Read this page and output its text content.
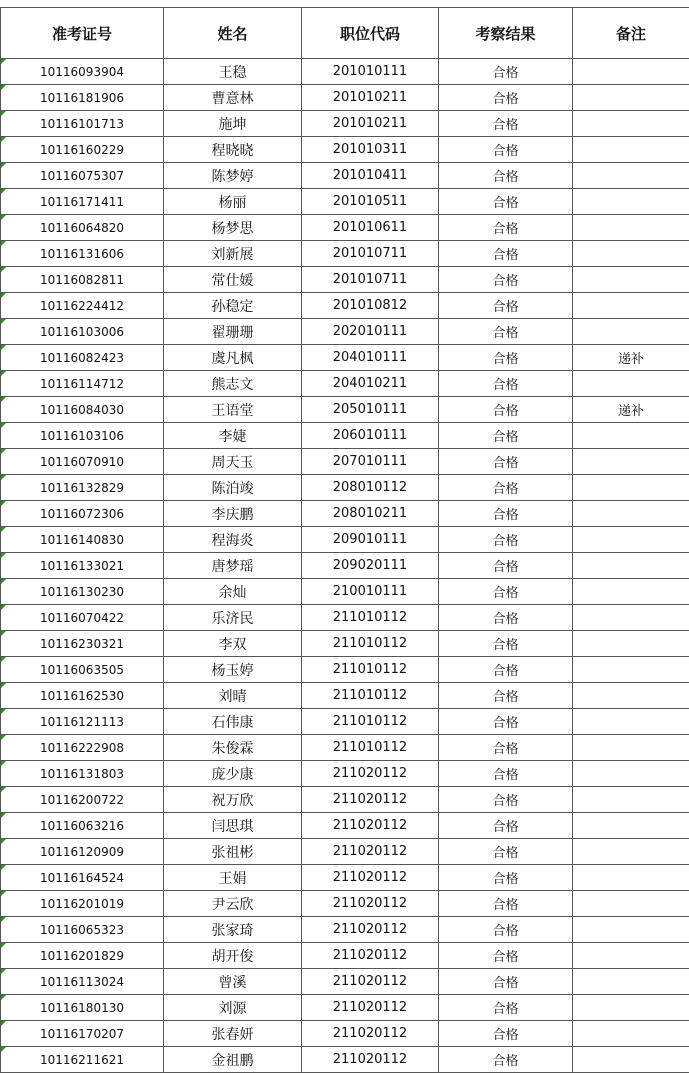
准考证号	姓名	职位代码	考察结果	备注
10116093904	王稳	201010111	合格	
10116181906	曹意林	201010211	合格	
10116101713	施坤	201010211	合格	
10116160229	程晓晓	201010311	合格	
10116075307	陈梦婷	201010411	合格	
10116171411	杨丽	201010511	合格	
10116064820	杨梦思	201010611	合格	
10116131606	刘新展	201010711	合格	
10116082811	常仕媛	201010711	合格	
10116224412	孙稳定	201010812	合格	
10116103006	翟珊珊	202010111	合格	
10116082423	虞凡枫	204010111	合格	递补
10116114712	熊志文	204010211	合格	
10116084030	王语堂	205010111	合格	递补
10116103106	李婕	206010111	合格	
10116070910	周天玉	207010111	合格	
10116132829	陈泊竣	208010112	合格	
10116072306	李庆鹏	208010211	合格	
10116140830	程海炎	209010111	合格	
10116133021	唐梦瑶	209020111	合格	
10116130230	余灿	210010111	合格	
10116070422	乐济民	211010112	合格	
10116230321	李双	211010112	合格	
10116063505	杨玉婷	211010112	合格	
10116162530	刘晴	211010112	合格	
10116121113	石伟康	211010112	合格	
10116222908	朱俊霖	211010112	合格	
10116131803	庞少康	211020112	合格	
10116200722	祝万欣	211020112	合格	
10116063216	闫思琪	211020112	合格	
10116120909	张祖彬	211020112	合格	
10116164524	王娟	211020112	合格	
10116201019	尹云欣	211020112	合格	
10116065323	张家琦	211020112	合格	
10116201829	胡开俊	211020112	合格	
10116113024	曾溪	211020112	合格	
10116180130	刘源	211020112	合格	
10116170207	张春妍	211020112	合格	
10116211621	金祖鹏	211020112	合格	
